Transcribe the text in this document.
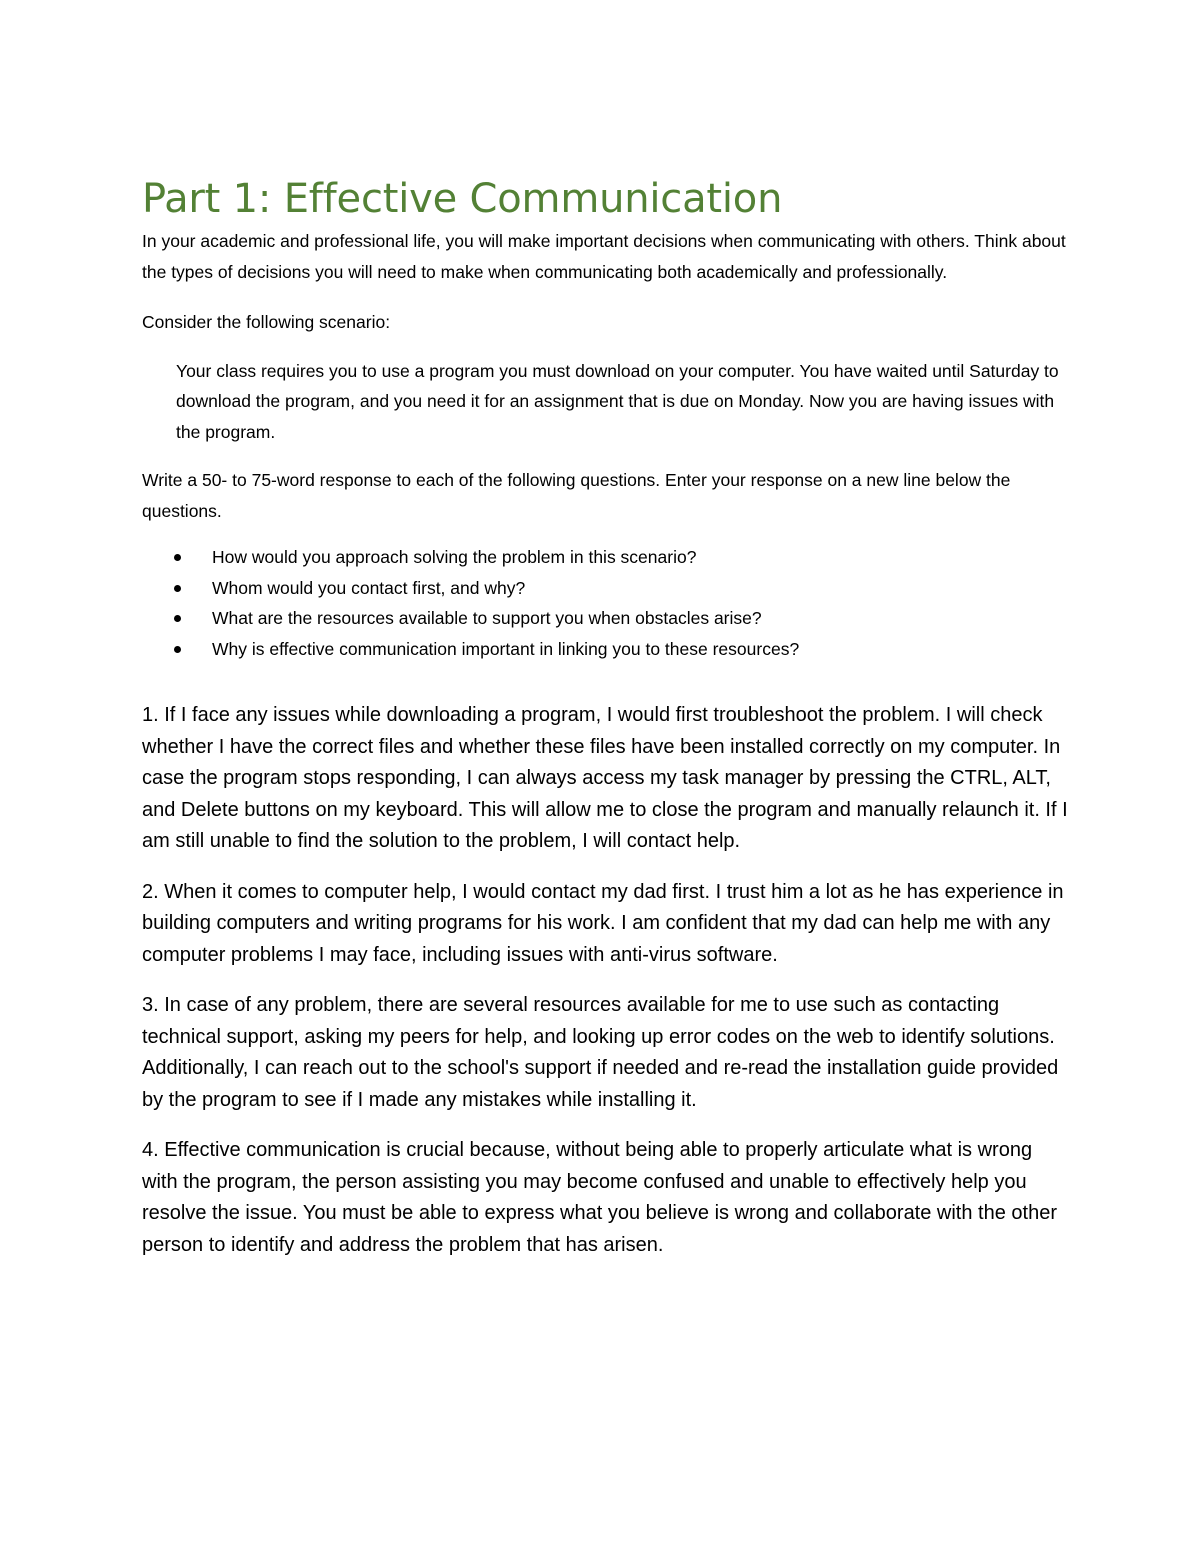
Part 1: Effective Communication

In your academic and professional life, you will make important decisions when communicating with others. Think about the types of decisions you will need to make when communicating both academically and professionally.

Consider the following scenario:

Your class requires you to use a program you must download on your computer. You have waited until Saturday to download the program, and you need it for an assignment that is due on Monday. Now you are having issues with the program.

Write a 50- to 75-word response to each of the following questions. Enter your response on a new line below the questions.

How would you approach solving the problem in this scenario?
Whom would you contact first, and why?
What are the resources available to support you when obstacles arise?
Why is effective communication important in linking you to these resources?

1. If I face any issues while downloading a program, I would first troubleshoot the problem. I will check whether I have the correct files and whether these files have been installed correctly on my computer. In case the program stops responding, I can always access my task manager by pressing the CTRL, ALT, and Delete buttons on my keyboard. This will allow me to close the program and manually relaunch it. If I am still unable to find the solution to the problem, I will contact help.

2. When it comes to computer help, I would contact my dad first. I trust him a lot as he has experience in building computers and writing programs for his work. I am confident that my dad can help me with any computer problems I may face, including issues with anti-virus software.

3. In case of any problem, there are several resources available for me to use such as contacting technical support, asking my peers for help, and looking up error codes on the web to identify solutions. Additionally, I can reach out to the school's support if needed and re-read the installation guide provided by the program to see if I made any mistakes while installing it.

4. Effective communication is crucial because, without being able to properly articulate what is wrong with the program, the person assisting you may become confused and unable to effectively help you resolve the issue. You must be able to express what you believe is wrong and collaborate with the other person to identify and address the problem that has arisen.
